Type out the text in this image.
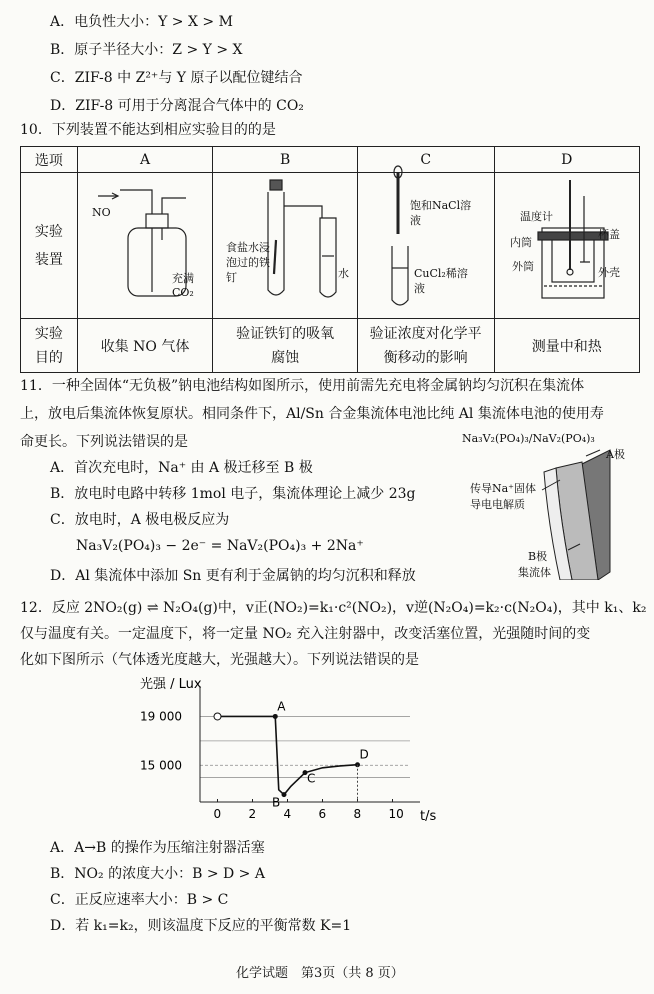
A．电负性大小：Y > X > M
B．原子半径大小：Z > Y > X
C．ZIF-8 中 Z²⁺与 Y 原子以配位键结合
D．ZIF-8 可用于分离混合气体中的 CO₂
10．下列装置不能达到相应实验目的的是
选项	A	B	C	D

实验装置				

实验目的	收集 NO 气体	验证铁钉的吸氧腐蚀	验证浓度对化学平衡移动的影响	测量中和热
NO
充满CO₂
食盐水浸泡过的铁钉	水
饱和NaCl溶液
CuCl₂稀溶液
温度计
杯盖
内筒
外筒	外壳
11．一种全固体“无负极”钠电池结构如图所示，使用前需先充电将金属钠均匀沉积在集流体
上，放电后集流体恢复原状。相同条件下，Al/Sn 合金集流体电池比纯 Al 集流体电池的使用寿
命更长。下列说法错误的是
A．首次充电时，Na⁺ 由 A 极迁移至 B 极
B．放电时电路中转移 1mol 电子，集流体理论上减少 23g
C．放电时，A 极电极反应为
Na₃V₂(PO₄)₃ − 2e⁻ = NaV₂(PO₄)₃ + 2Na⁺
D．Al 集流体中添加 Sn 更有利于金属钠的均匀沉积和释放
Na₃V₂(PO₄)₃/NaV₂(PO₄)₃
A极
传导Na⁺固体
导电电解质
B极
集流体
12．反应 2NO₂(g) ⇌ N₂O₄(g)中，v正(NO₂)=k₁·c²(NO₂)，v逆(N₂O₄)=k₂·c(N₂O₄)，其中 k₁、k₂
仅与温度有关。一定温度下，将一定量 NO₂ 充入注射器中，改变活塞位置，光强随时间的变
化如下图所示（气体透光度越大，光强越大）。下列说法错误的是
光强 / Lux
t/s
0 2 4 6 8 10
19 000
15 000
A
B
C
D
A．A→B 的操作为压缩注射器活塞
B．NO₂ 的浓度大小：B > D > A
C．正反应速率大小：B > C
D．若 k₁=k₂，则该温度下反应的平衡常数 K=1
化学试题　第3页（共 8 页）
